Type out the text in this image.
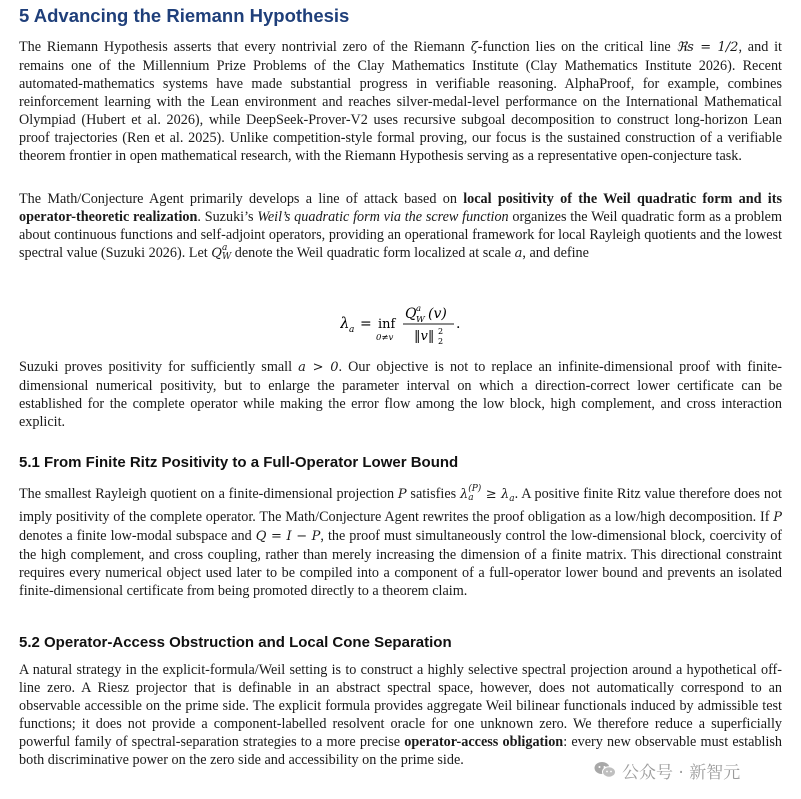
5 Advancing the Riemann Hypothesis

The Riemann Hypothesis asserts that every nontrivial zero of the Riemann ζ-function lies on the critical line ℜs = 1/2, and it remains one of the Millennium Prize Problems of the Clay Mathematics Institute (Clay Mathematics Institute 2026). Recent automated-mathematics systems have made substantial progress in verifiable reasoning. AlphaProof, for example, combines reinforcement learning with the Lean environment and reaches silver-medal-level performance on the International Mathematical Olympiad (Hubert et al. 2026), while DeepSeek-Prover-V2 uses recursive subgoal decomposition to construct long-horizon Lean proof trajectories (Ren et al. 2025). Unlike competition-style formal proving, our focus is the sustained construction of a verifiable theorem frontier in open mathematical research, with the Riemann Hypothesis serving as a representative open-conjecture task.

The Math/Conjecture Agent primarily develops a line of attack based on local positivity of the Weil quadratic form and its operator-theoretic realization. Suzuki’s Weil’s quadratic form via the screw function organizes the Weil quadratic form as a problem about continuous functions and self-adjoint operators, providing an operational framework for local Rayleigh quotients and the lowest spectral value (Suzuki 2026). Let Q a
W denote the Weil quadratic form localized at scale a, and define

λ a = inf
0≠v
Q a
W (v)
‖v‖ 2
2
.

Suzuki proves positivity for sufficiently small a > 0. Our objective is not to replace an infinite-dimensional proof with finite-dimensional numerical positivity, but to enlarge the parameter interval on which a direction-correct lower certificate can be established for the complete operator while making the error flow among the low block, high complement, and cross interaction explicit.

5.1 From Finite Ritz Positivity to a Full-Operator Lower Bound

The smallest Rayleigh quotient on a finite-dimensional projection P satisfies λ (P)
$a \ge \lambda_a$. A positive finite Ritz value therefore does not imply positivity of the complete operator. The Math/Conjecture Agent rewrites the proof obligation as a low/high decomposition. If P denotes a finite low-modal subspace and Q = I − P, the proof must simultaneously control the low-dimensional block, coercivity of the high complement, and cross coupling, rather than merely increasing the dimension of a finite matrix. This directional constraint requires every numerical object used later to be compiled into a component of a full-operator lower bound and prevents an isolated finite-dimensional certificate from being promoted directly to a theorem claim.

5.2 Operator-Access Obstruction and Local Cone Separation

A natural strategy in the explicit-formula/Weil setting is to construct a highly selective spectral projection around a hypothetical off-line zero. A Riesz projector that is definable in an abstract spectral space, however, does not automatically correspond to an observable accessible on the prime side. The explicit formula provides aggregate Weil bilinear functionals induced by admissible test functions; it does not provide a component-labelled resolvent oracle for one unknown zero. We therefore reduce a superficially powerful family of spectral-separation strategies to a more precise operator-access obligation: every new observable must establish both discriminative power on the zero side and accessibility on the prime side.

公众号 · 新智元
